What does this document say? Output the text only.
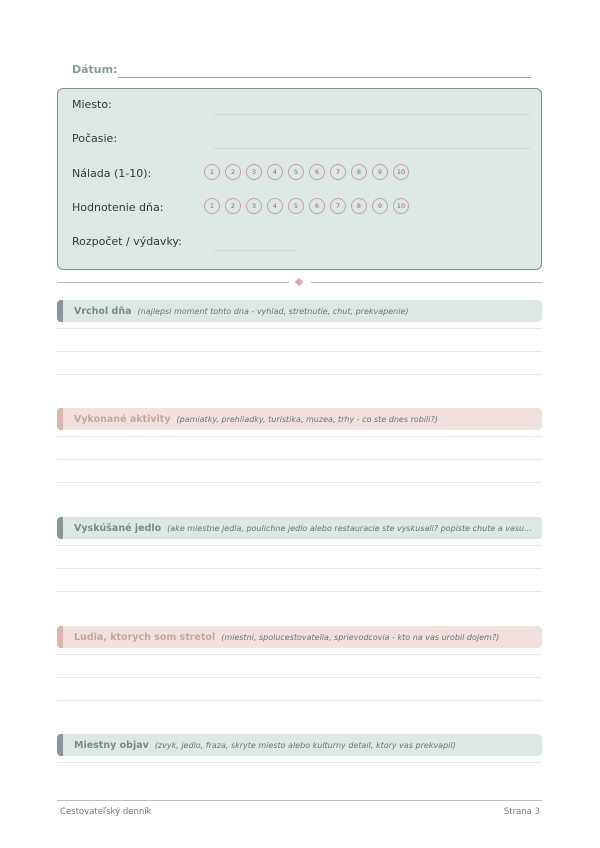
Dátum:
Miesto:
Počasie:
Nálada (1-10):	1	2	3	4	5	6	7	8	9	10
Hodnotenie dňa:	1	2	3	4	5	6	7	8	9	10
Rozpočet / výdavky:
Vrchol dňa (najlepsi moment tohto dna - vyhlad, stretnutie, chut, prekvapenie)
Vykonané aktivity (pamiatky, prehliadky, turistika, muzea, trhy - co ste dnes robili?)
Vyskúšané jedlo (ake miestne jedla, poulichne jedlo alebo restauracie ste vyskusali? popiste chute a vasu...
Ludia, ktorych som stretol (miestni, spolucestovatelia, sprievodcovia - kto na vas urobil dojem?)
Miestny objav (zvyk, jedlo, fraza, skryte miesto alebo kulturny detail, ktory vas prekvapil)
Cestovateľský denník	Strana 3
